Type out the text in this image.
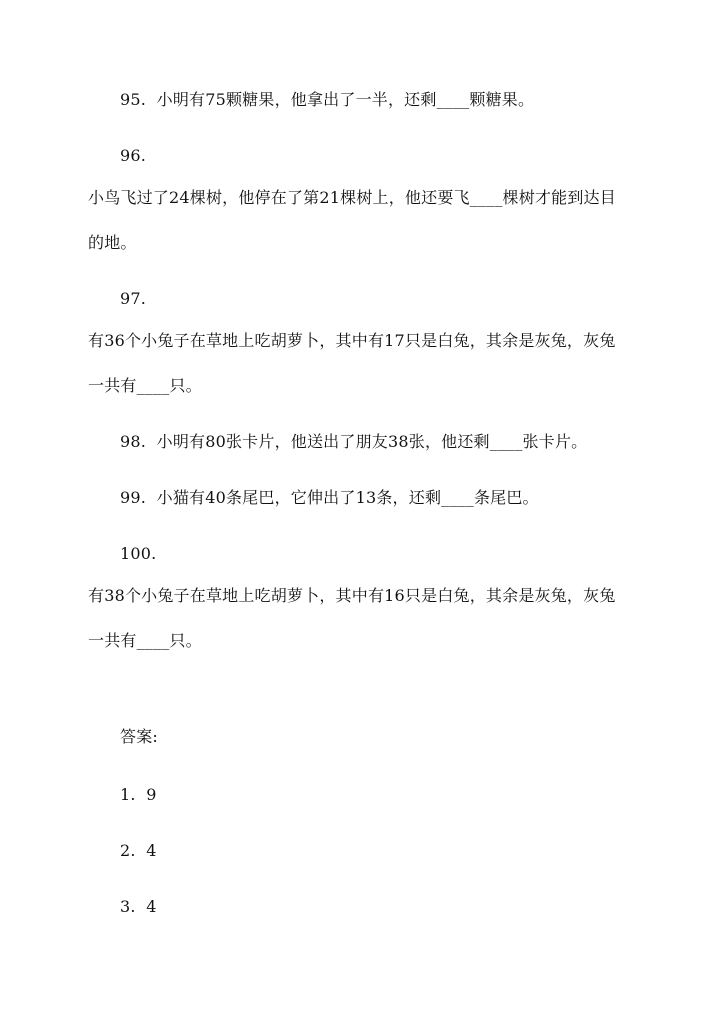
95. 小明有75颗糖果，他拿出了一半，还剩____颗糖果。
96.
小鸟飞过了24棵树，他停在了第21棵树上，他还要飞____棵树才能到达目
的地。
97.
有36个小兔子在草地上吃胡萝卜，其中有17只是白兔，其余是灰兔，灰兔
一共有____只。
98. 小明有80张卡片，他送出了朋友38张，他还剩____张卡片。
99. 小猫有40条尾巴，它伸出了13条，还剩____条尾巴。
100.
有38个小兔子在草地上吃胡萝卜，其中有16只是白兔，其余是灰兔，灰兔
一共有____只。
答案:
1. 9
2. 4
3. 4
